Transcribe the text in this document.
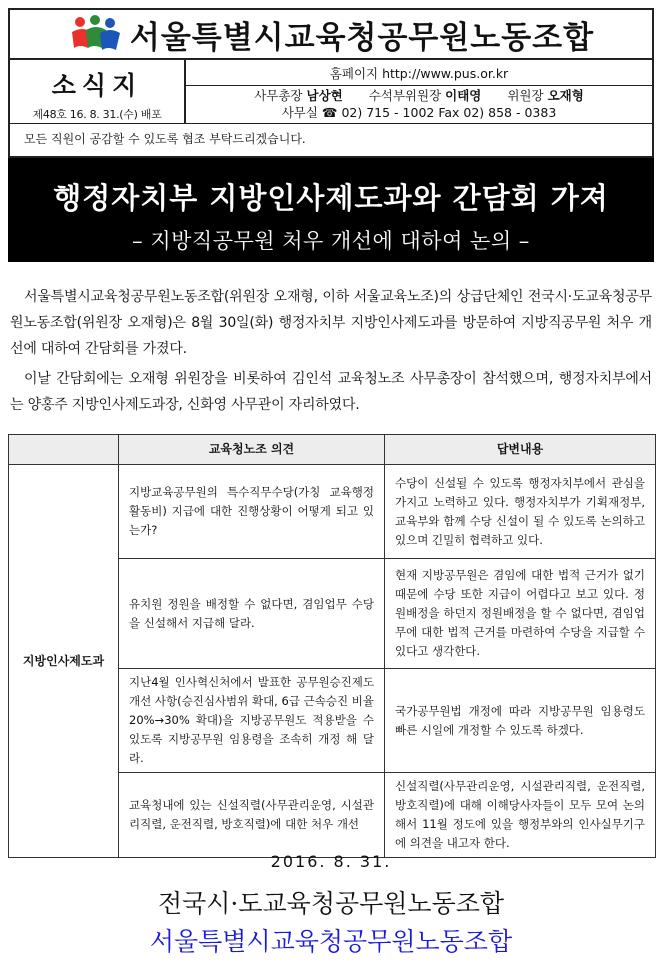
서울특별시교육청공무원노동조합
소식지
제48호 16. 8. 31.(수) 배포
홈페이지 http://www.pus.or.kr
사무총장 남상현 수석부위원장 이태영 위원장 오재형
사무실 ☎ 02) 715 - 1002 Fax 02) 858 - 0383
모든 직원이 공감할 수 있도록 협조 부탁드리겠습니다.
행정자치부 지방인사제도과와 간담회 가져
– 지방직공무원 처우 개선에 대하여 논의 –
서울특별시교육청공무원노동조합(위원장 오재형, 이하 서울교육노조)의 상급단체인 전국시·도교육청공무원노동조합(위원장 오재형)은 8월 30일(화) 행정자치부 지방인사제도과를 방문하여 지방직공무원 처우 개선에 대하여 간담회를 가졌다.
이날 간담회에는 오재형 위원장을 비롯하여 김인석 교육청노조 사무총장이 참석했으며, 행정자치부에서는 양홍주 지방인사제도과장, 신화영 사무관이 자리하였다.
	교육청노조 의견	답변내용
지방인사제도과	지방교육공무원의 특수직무수당(가칭 교육행정활동비) 지급에 대한 진행상황이 어떻게 되고 있는가?	수당이 신설될 수 있도록 행정자치부에서 관심을 가지고 노력하고 있다. 행정자치부가 기획재정부, 교육부와 함께 수당 신설이 될 수 있도록 논의하고 있으며 긴밀히 협력하고 있다.
	유치원 정원을 배정할 수 없다면, 겸임업무 수당을 신설해서 지급해 달라.	현재 지방공무원은 겸임에 대한 법적 근거가 없기 때문에 수당 또한 지급이 어렵다고 보고 있다. 정원배정을 하던지 정원배정을 할 수 없다면, 겸임업무에 대한 법적 근거를 마련하여 수당을 지급할 수 있다고 생각한다.
	지난4월 인사혁신처에서 발표한 공무원승진제도 개선 사항(승진심사범위 확대, 6급 근속승진 비율 20%→30% 확대)을 지방공무원도 적용받을 수 있도록 지방공무원 임용령을 조속히 개정 해 달라.	국가공무원법 개정에 따라 지방공무원 임용령도 빠른 시일에 개정할 수 있도록 하겠다.
	교육청내에 있는 신설직렬(사무관리운영, 시설관리직렬, 운전직렬, 방호직렬)에 대한 처우 개선	신설직렬(사무관리운영, 시설관리직렬, 운전직렬, 방호직렬)에 대해 이해당사자들이 모두 모여 논의해서 11월 정도에 있을 행정부와의 인사실무기구에 의견을 내고자 한다.
2016. 8. 31.
전국시·도교육청공무원노동조합
서울특별시교육청공무원노동조합
